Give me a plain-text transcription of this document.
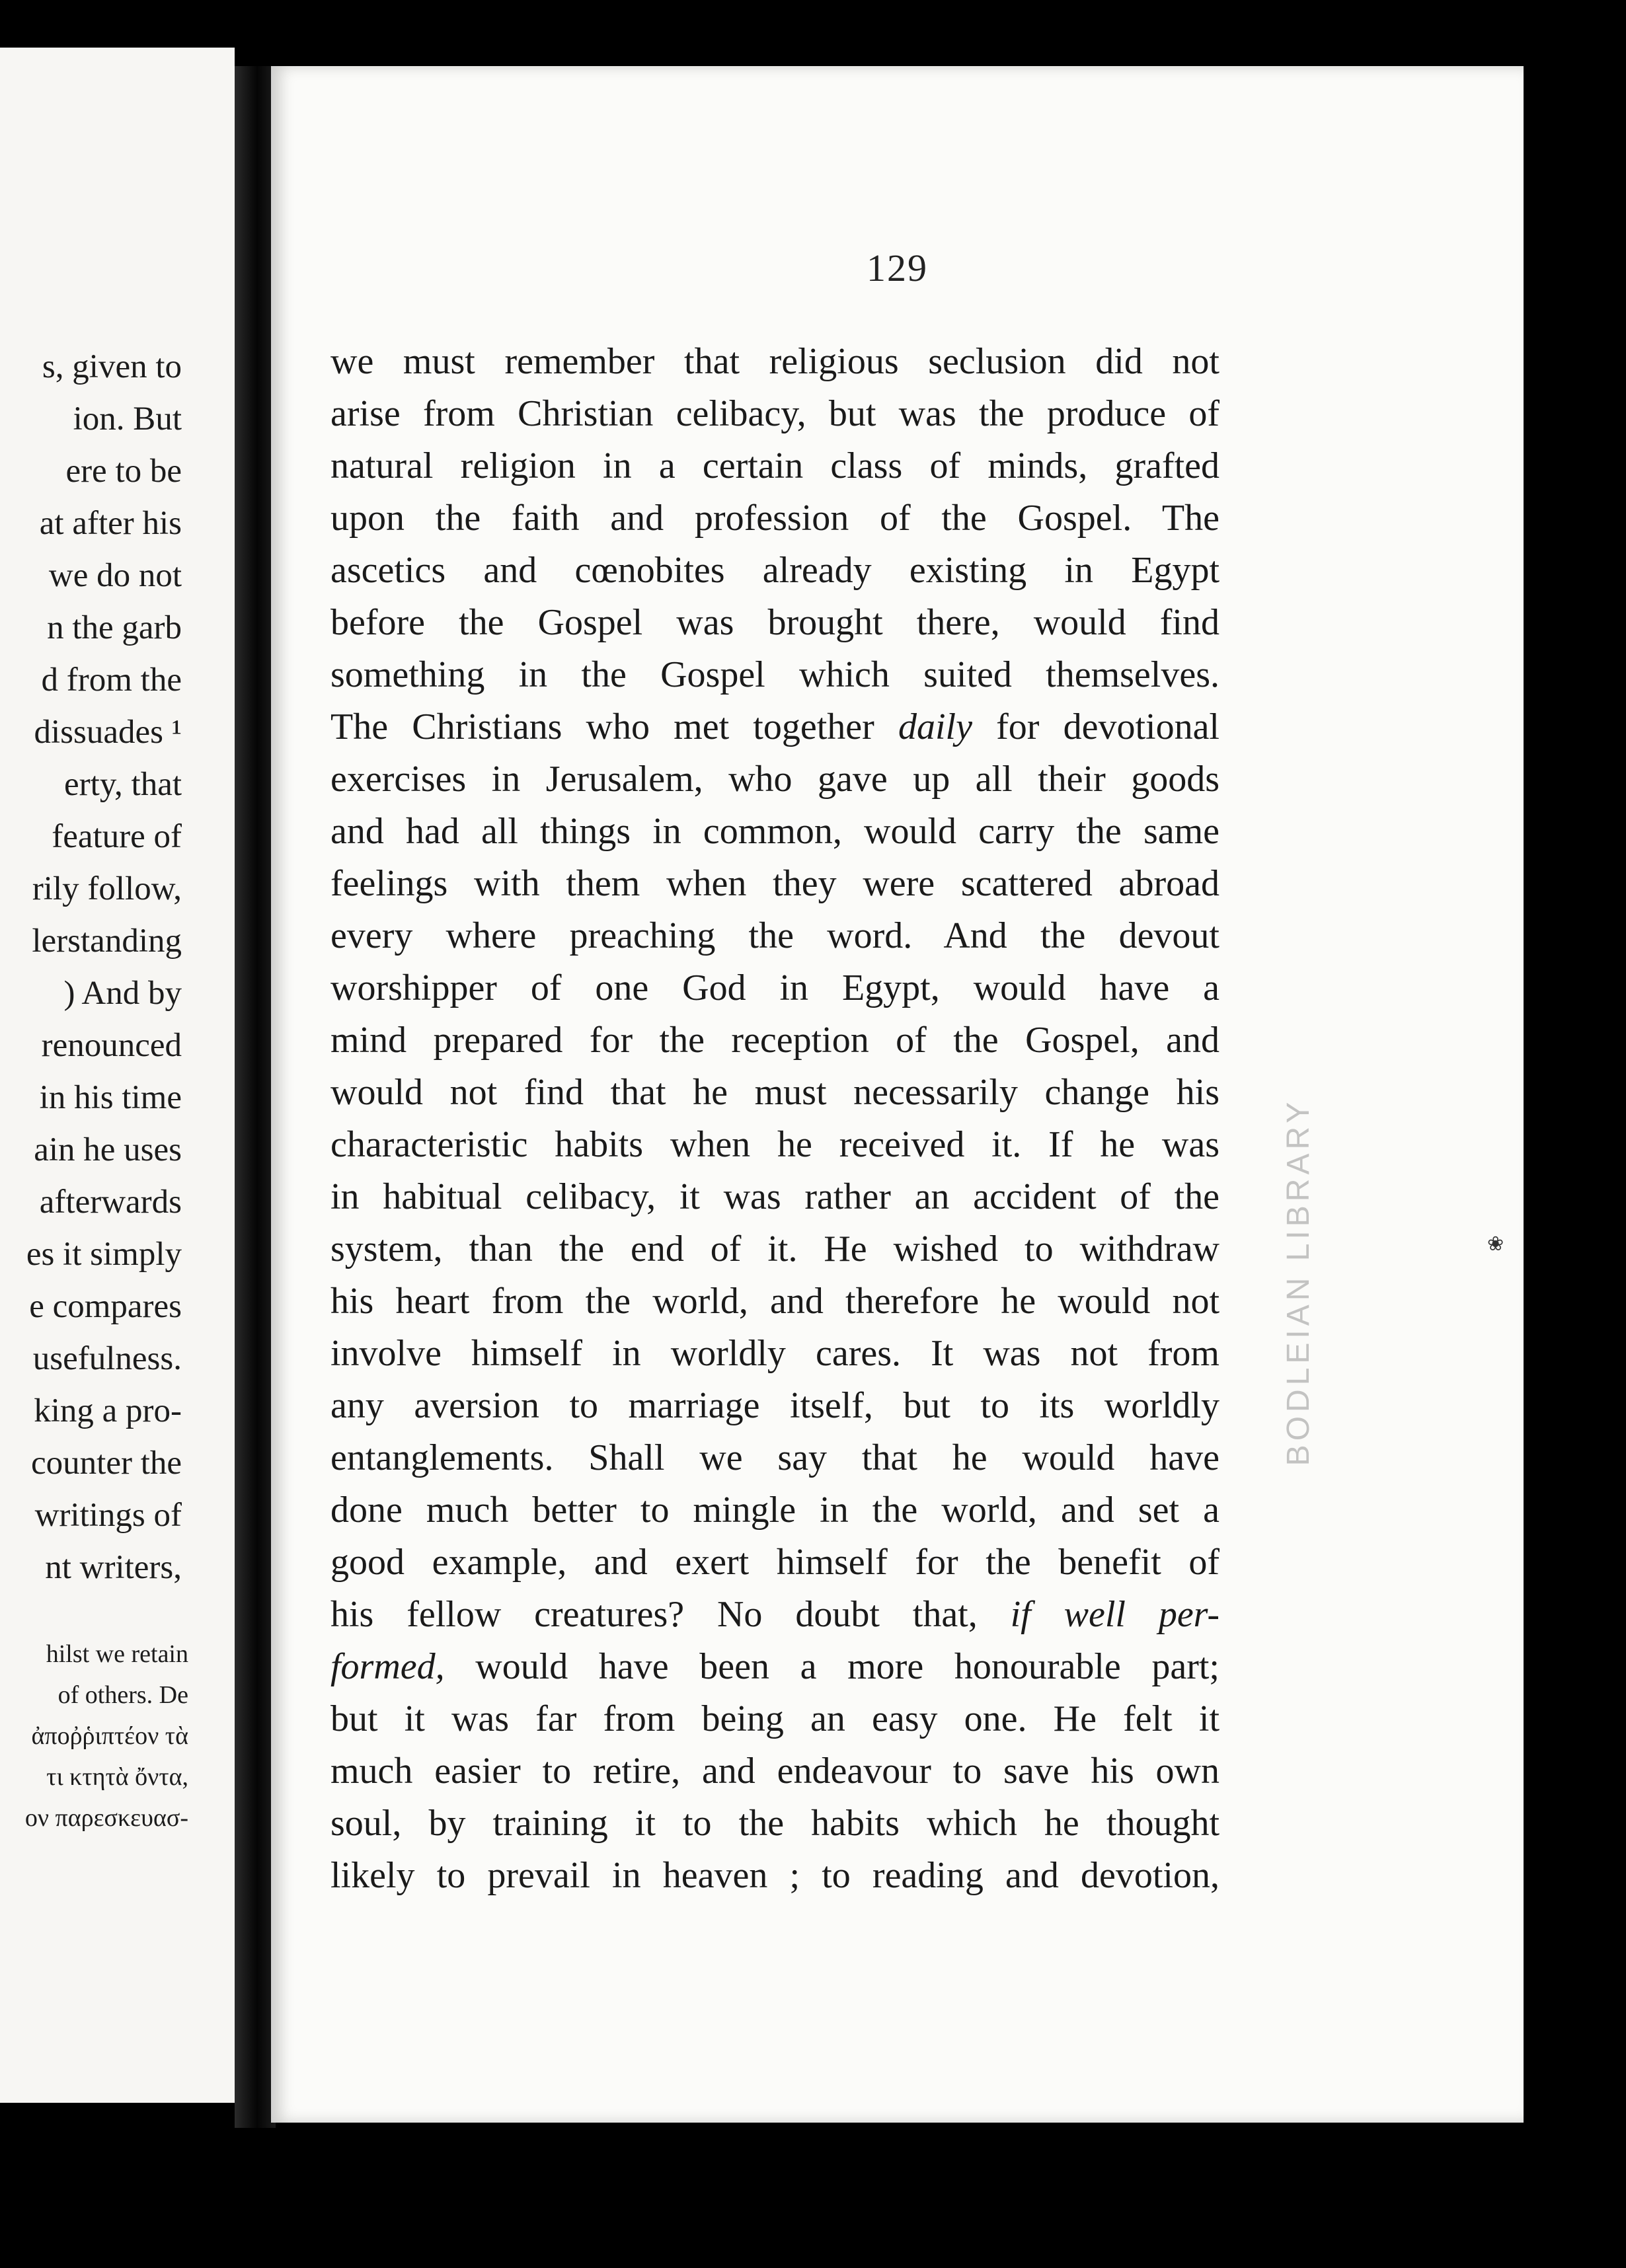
s, given to
ion. But
ere to be
at after his
we do not
n the garb
d from the
dissuades ¹
erty, that
feature of
rily follow,
lerstanding
) And by
renounced
in his time
ain he uses
afterwards
es it simply
e compares
usefulness.
king a pro-
counter the
writings of
nt writers,
hilst we retain
of others. De
ἀποῤῥιπτέον τὰ
τι κτητὰ ὄντα,
ον παρεσκευασ-
129
we must remember that religious seclusion did not
arise from Christian celibacy, but was the produce of
natural religion in a certain class of minds, grafted
upon the faith and profession of the Gospel. The
ascetics and cœnobites already existing in Egypt
before the Gospel was brought there, would find
something in the Gospel which suited themselves.
The Christians who met together daily for devotional
exercises in Jerusalem, who gave up all their goods
and had all things in common, would carry the same
feelings with them when they were scattered abroad
every where preaching the word. And the devout
worshipper of one God in Egypt, would have a
mind prepared for the reception of the Gospel, and
would not find that he must necessarily change his
characteristic habits when he received it. If he was
in habitual celibacy, it was rather an accident of the
system, than the end of it. He wished to withdraw
his heart from the world, and therefore he would not
involve himself in worldly cares. It was not from
any aversion to marriage itself, but to its worldly
entanglements. Shall we say that he would have
done much better to mingle in the world, and set a
good example, and exert himself for the benefit of
his fellow creatures? No doubt that, if well per-
formed, would have been a more honourable part;
but it was far from being an easy one. He felt it
much easier to retire, and endeavour to save his own
soul, by training it to the habits which he thought
likely to prevail in heaven ; to reading and devotion,
BODLEIAN LIBRARY	❀
